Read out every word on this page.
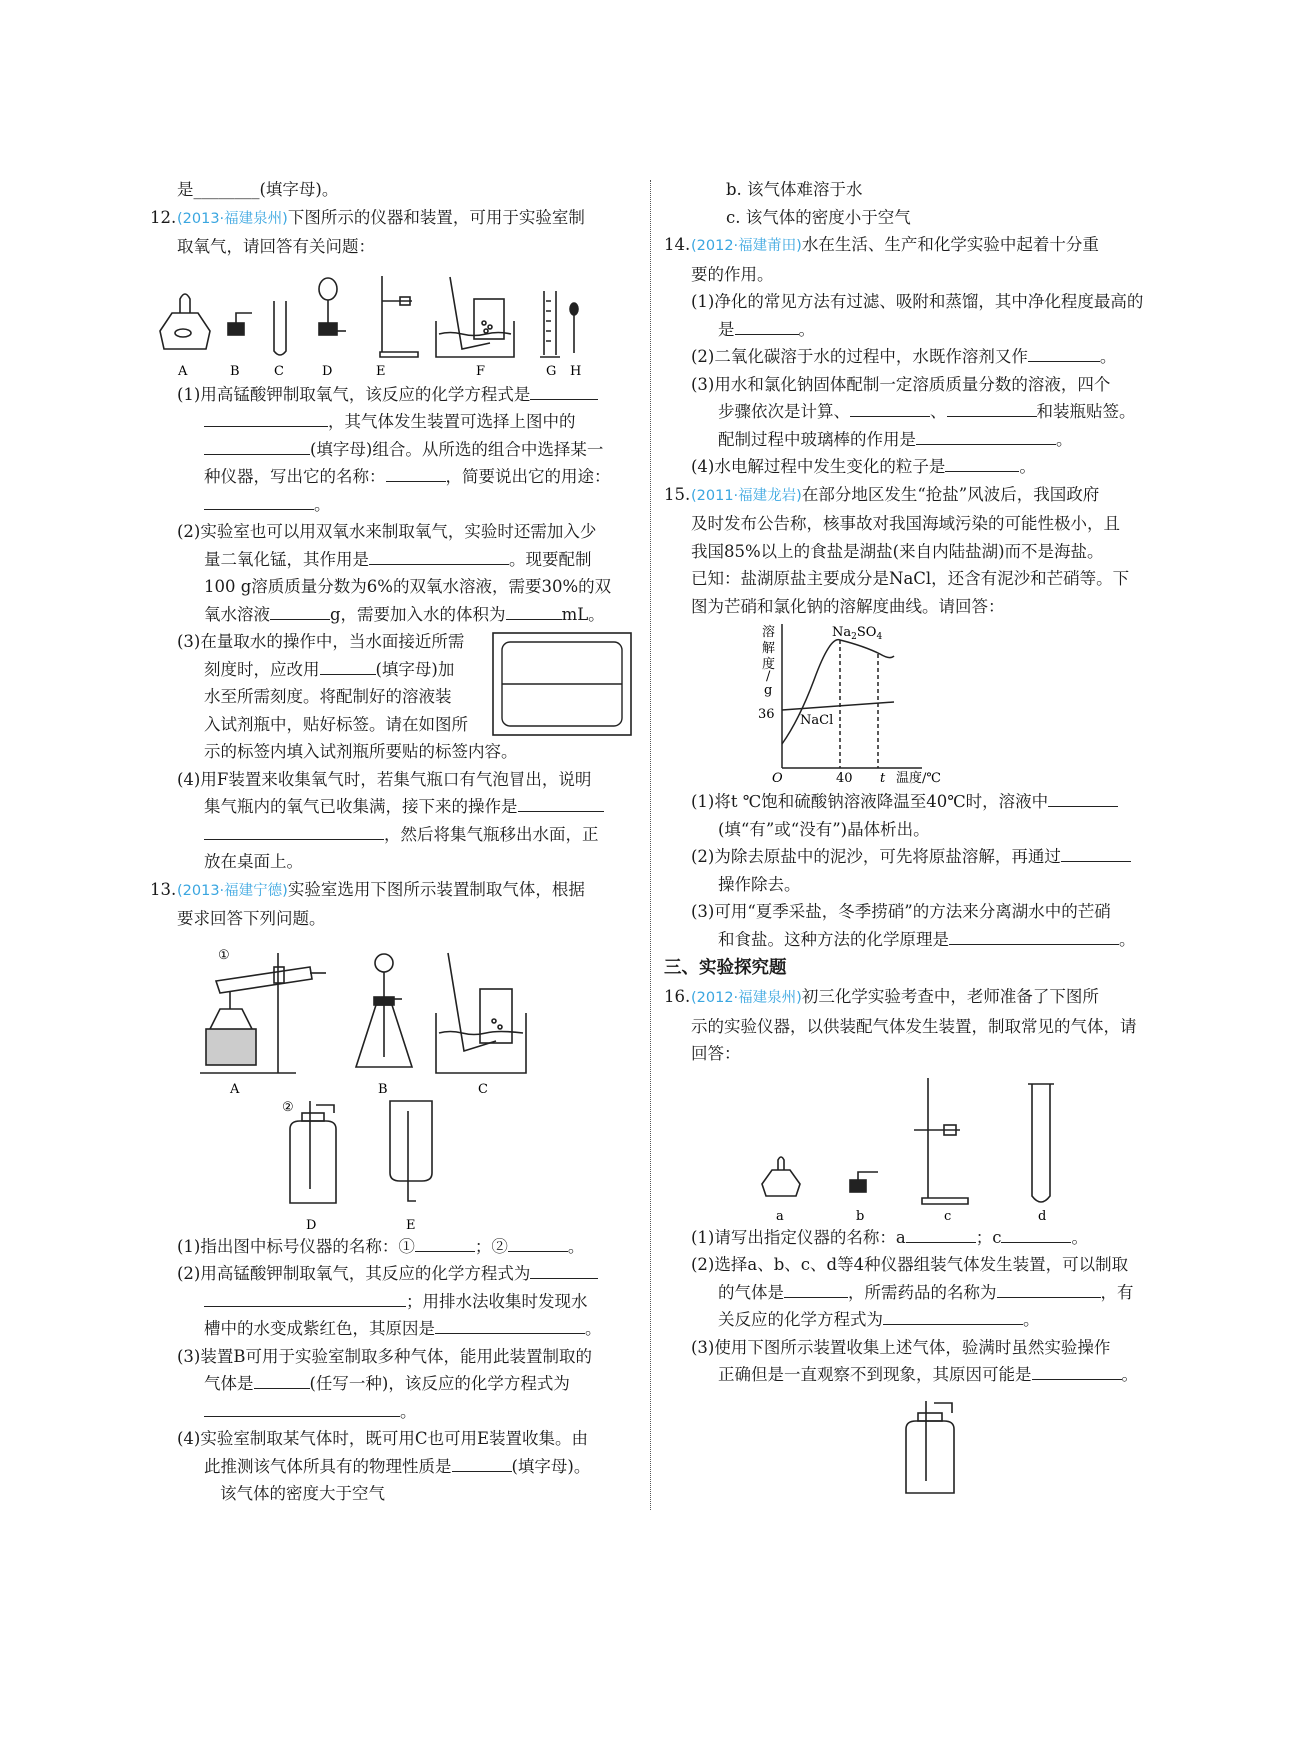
是________(填字母)。
12.(2013·福建泉州)下图所示的仪器和装置，可用于实验室制
取氧气，请回答有关问题：
A	B	C	D	E	F	G H
(1)用高锰酸钾制取氧气，该反应的化学方程式是
，其气体发生装置可选择上图中的
(填字母)组合。从所选的组合中选择某一
种仪器，写出它的名称：	，简要说出它的用途：
。
(2)实验室也可以用双氧水来制取氧气，实验时还需加入少
量二氧化锰，其作用是	。现要配制
100 g溶质质量分数为6%的双氧水溶液，需要30%的双
氧水溶液	g，需要加入水的体积为	mL。
(3)在量取水的操作中，当水面接近所需
刻度时，应改用	(填字母)加
水至所需刻度。将配制好的溶液装
入试剂瓶中，贴好标签。请在如图所
示的标签内填入试剂瓶所要贴的标签内容。
(4)用F装置来收集氧气时，若集气瓶口有气泡冒出，说明
集气瓶内的氧气已收集满，接下来的操作是
，然后将集气瓶移出水面，正
放在桌面上。
13.(2013·福建宁德)实验室选用下图所示装置制取气体，根据
要求回答下列问题。
A	B	C
D	E
①
②
(1)指出图中标号仪器的名称：①	；②	。
(2)用高锰酸钾制取氧气，其反应的化学方程式为
；用排水法收集时发现水
槽中的水变成紫红色，其原因是	。
(3)装置B可用于实验室制取多种气体，能用此装置制取的
气体是	(任写一种)，该反应的化学方程式为
。
(4)实验室制取某气体时，既可用C也可用E装置收集。由
此推测该气体所具有的物理性质是	(填字母)。
该气体的密度大于空气
b. 该气体难溶于水
c. 该气体的密度小于空气
14.(2012·福建莆田)水在生活、生产和化学实验中起着十分重
要的作用。
(1)净化的常见方法有过滤、吸附和蒸馏，其中净化程度最高的
是	。
(2)二氧化碳溶于水的过程中，水既作溶剂又作	。
(3)用水和氯化钠固体配制一定溶质质量分数的溶液，四个
步骤依次是计算、	、	和装瓶贴签。
配制过程中玻璃棒的作用是	。
(4)水电解过程中发生变化的粒子是	。
15.(2011·福建龙岩)在部分地区发生“抢盐”风波后，我国政府
及时发布公告称，核事故对我国海域污染的可能性极小，且
我国85%以上的食盐是湖盐(来自内陆盐湖)而不是海盐。
已知：盐湖原盐主要成分是NaCl，还含有泥沙和芒硝等。下
图为芒硝和氯化钠的溶解度曲线。请回答：
溶
解
度
/
g
36
O	40 t 温度/℃
$Na_2SO_4$
NaCl
(1)将t ℃饱和硫酸钠溶液降温至40℃时，溶液中
(填“有”或“没有”)晶体析出。
(2)为除去原盐中的泥沙，可先将原盐溶解，再通过
操作除去。
(3)可用“夏季采盐，冬季捞硝”的方法来分离湖水中的芒硝
和食盐。这种方法的化学原理是	。
三、实验探究题
16.(2012·福建泉州)初三化学实验考查中，老师准备了下图所
示的实验仪器，以供装配气体发生装置，制取常见的气体，请
回答：
a	b	c	d
(1)请写出指定仪器的名称：a	；c	。
(2)选择a、b、c、d等4种仪器组装气体发生装置，可以制取
的气体是	，所需药品的名称为	，有
关反应的化学方程式为	。
(3)使用下图所示装置收集上述气体，验满时虽然实验操作
正确但是一直观察不到现象，其原因可能是	。
